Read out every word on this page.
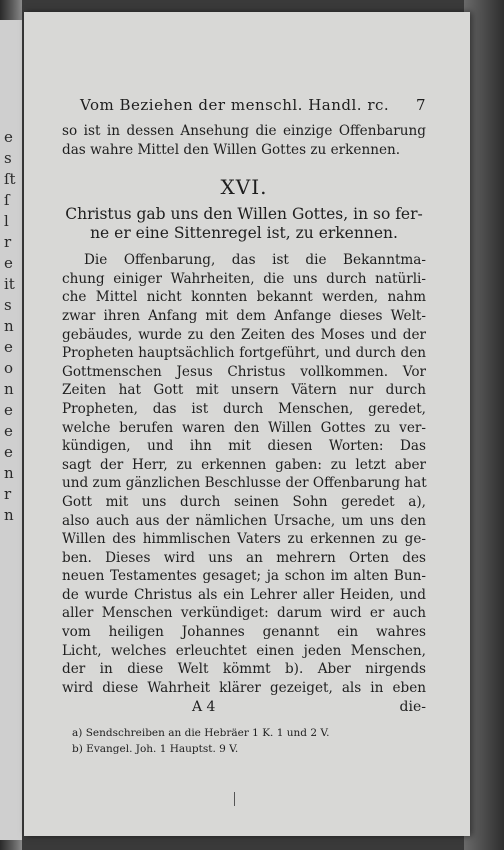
e
s
ſt
ſ
l
r
e
it
s
n
e
o
n
e
e
e
n
r
n
Vom Beziehen der menschl. Handl. rc. 7
so ist in dessen Ansehung die einzige Offenbarung
das wahre Mittel den Willen Gottes zu erkennen.
XVI.
Christus gab uns den Willen Gottes, in so fer-
ne er eine Sittenregel ist, zu erkennen.
Die Offenbarung, das ist die Bekanntma-
chung einiger Wahrheiten, die uns durch natürli-
che Mittel nicht konnten bekannt werden, nahm
zwar ihren Anfang mit dem Anfange dieses Welt-
gebäudes, wurde zu den Zeiten des Moses und der
Propheten hauptsächlich fortgeführt, und durch den
Gottmenschen Jesus Christus vollkommen. Vor
Zeiten hat Gott mit unsern Vätern nur durch
Propheten, das ist durch Menschen, geredet,
welche berufen waren den Willen Gottes zu ver-
kündigen, und ihn mit diesen Worten: Das
sagt der Herr, zu erkennen gaben: zu letzt aber
und zum gänzlichen Beschlusse der Offenbarung hat
Gott mit uns durch seinen Sohn geredet a),
also auch aus der nämlichen Ursache, um uns den
Willen des himmlischen Vaters zu erkennen zu ge-
ben. Dieses wird uns an mehrern Orten des
neuen Testamentes gesaget; ja schon im alten Bun-
de wurde Christus als ein Lehrer aller Heiden, und
aller Menschen verkündiget: darum wird er auch
vom heiligen Johannes genannt ein wahres
Licht, welches erleuchtet einen jeden Menschen,
der in diese Welt kömmt b). Aber nirgends
wird diese Wahrheit klärer gezeiget, als in eben
A 4	die-
a) Sendschreiben an die Hebräer 1 K. 1 und 2 V.
b) Evangel. Joh. 1 Hauptst. 9 V.
